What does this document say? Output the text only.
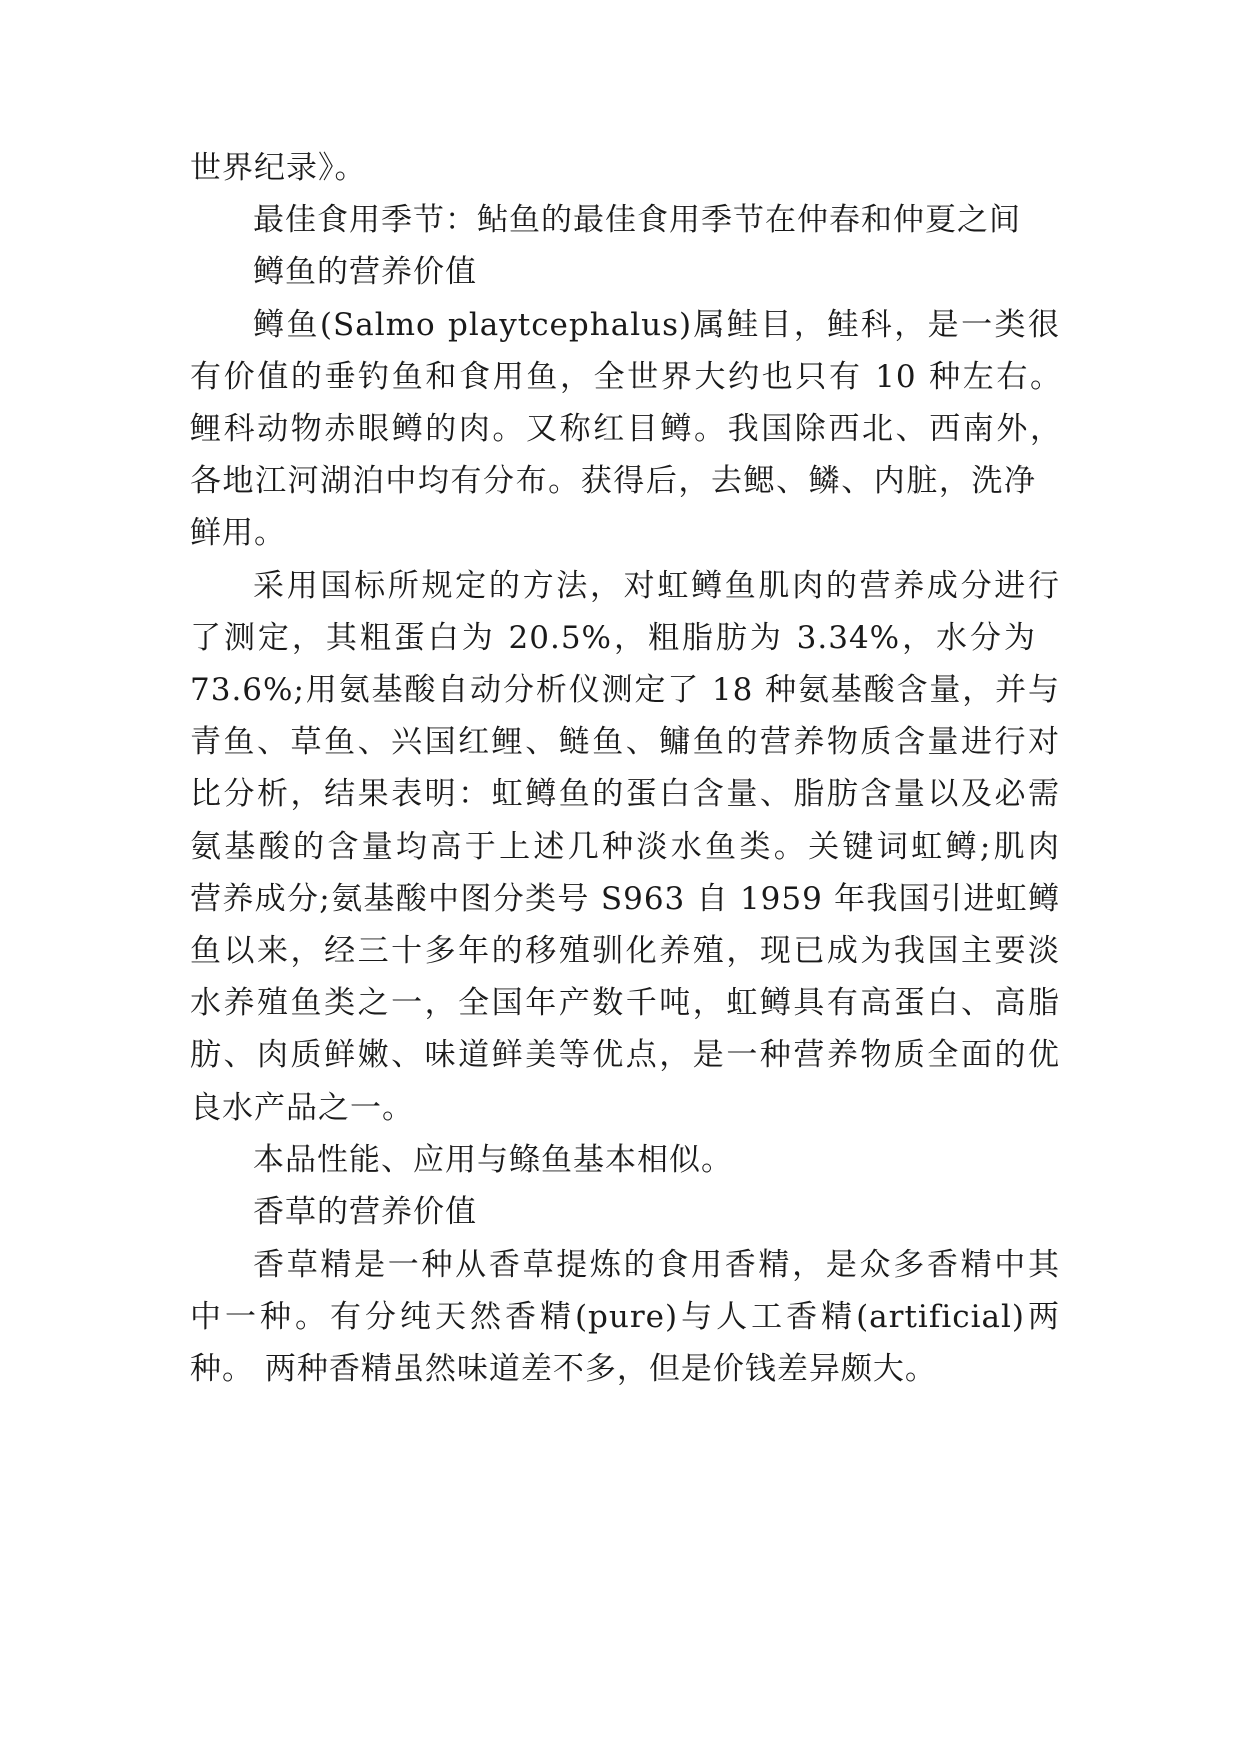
世界纪录》。
最佳食用季节：鲇鱼的最佳食用季节在仲春和仲夏之间
鳟鱼的营养价值
鳟鱼(Salmo playtcephalus)属鲑目，鲑科，是一类很
有价值的垂钓鱼和食用鱼，全世界大约也只有 10 种左右。
鲤科动物赤眼鳟的肉。又称红目鳟。我国除西北、西南外，
各地江河湖泊中均有分布。获得后，去鳃、鳞、内脏，洗净
鲜用。
采用国标所规定的方法，对虹鳟鱼肌肉的营养成分进行
了测定，其粗蛋白为 20.5%，粗脂肪为 3.34%，水分为
73.6%;用氨基酸自动分析仪测定了 18 种氨基酸含量，并与
青鱼、草鱼、兴国红鲤、鲢鱼、鳙鱼的营养物质含量进行对
比分析，结果表明：虹鳟鱼的蛋白含量、脂肪含量以及必需
氨基酸的含量均高于上述几种淡水鱼类。关键词虹鳟;肌肉
营养成分;氨基酸中图分类号 S963 自 1959 年我国引进虹鳟
鱼以来，经三十多年的移殖驯化养殖，现已成为我国主要淡
水养殖鱼类之一，全国年产数千吨，虹鳟具有高蛋白、高脂
肪、肉质鲜嫩、味道鲜美等优点，是一种营养物质全面的优
良水产品之一。
本品性能、应用与鲦鱼基本相似。
香草的营养价值
香草精是一种从香草提炼的食用香精，是众多香精中其
中一种。有分纯天然香精(pure)与人工香精(artificial)两
种。 两种香精虽然味道差不多，但是价钱差异颇大。
